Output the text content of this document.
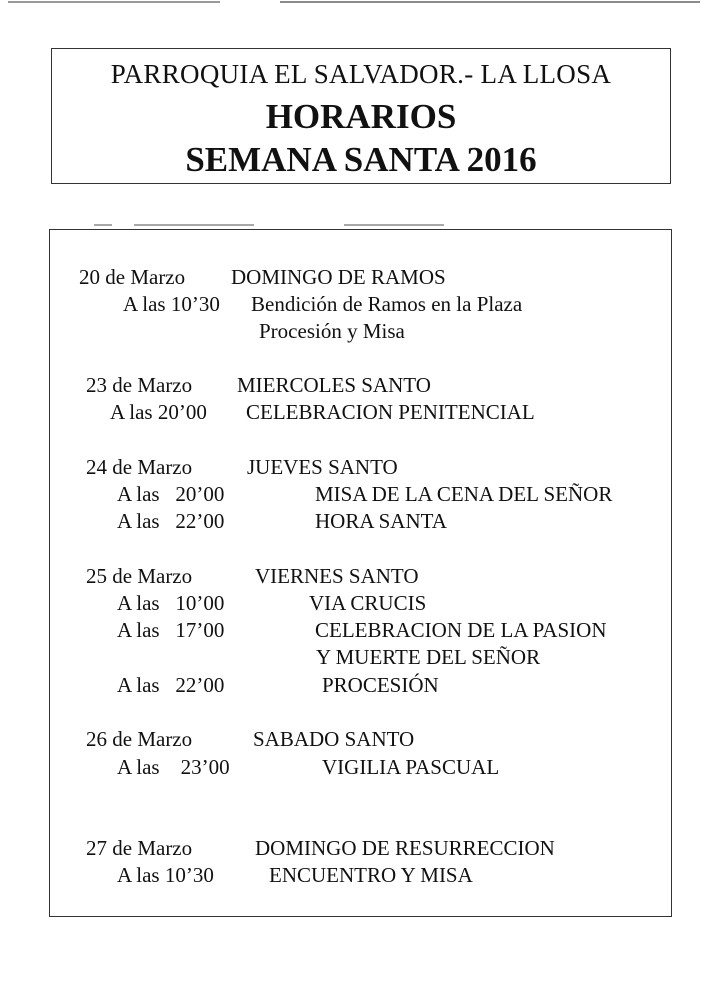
PARROQUIA EL SALVADOR.- LA LLOSA
HORARIOS
SEMANA SANTA 2016
20 de Marzo DOMINGO DE RAMOS
A las 10’30 Bendición de Ramos en la Plaza
Procesión y Misa
23 de Marzo MIERCOLES SANTO
A las 20’00 CELEBRACION PENITENCIAL
24 de Marzo	JUEVES SANTO
A las   20’00	MISA DE LA CENA DEL SEÑOR
A las   22’00	HORA SANTA
25 de Marzo	VIERNES SANTO
A las   10’00	VIA CRUCIS
A las   17’00	CELEBRACION DE LA PASION
Y MUERTE DEL SEÑOR
A las   22’00	PROCESIÓN
26 de Marzo	SABADO SANTO
A las    23’00	VIGILIA PASCUAL
27 de Marzo	DOMINGO DE RESURRECCION
A las 10’30	ENCUENTRO Y MISA
